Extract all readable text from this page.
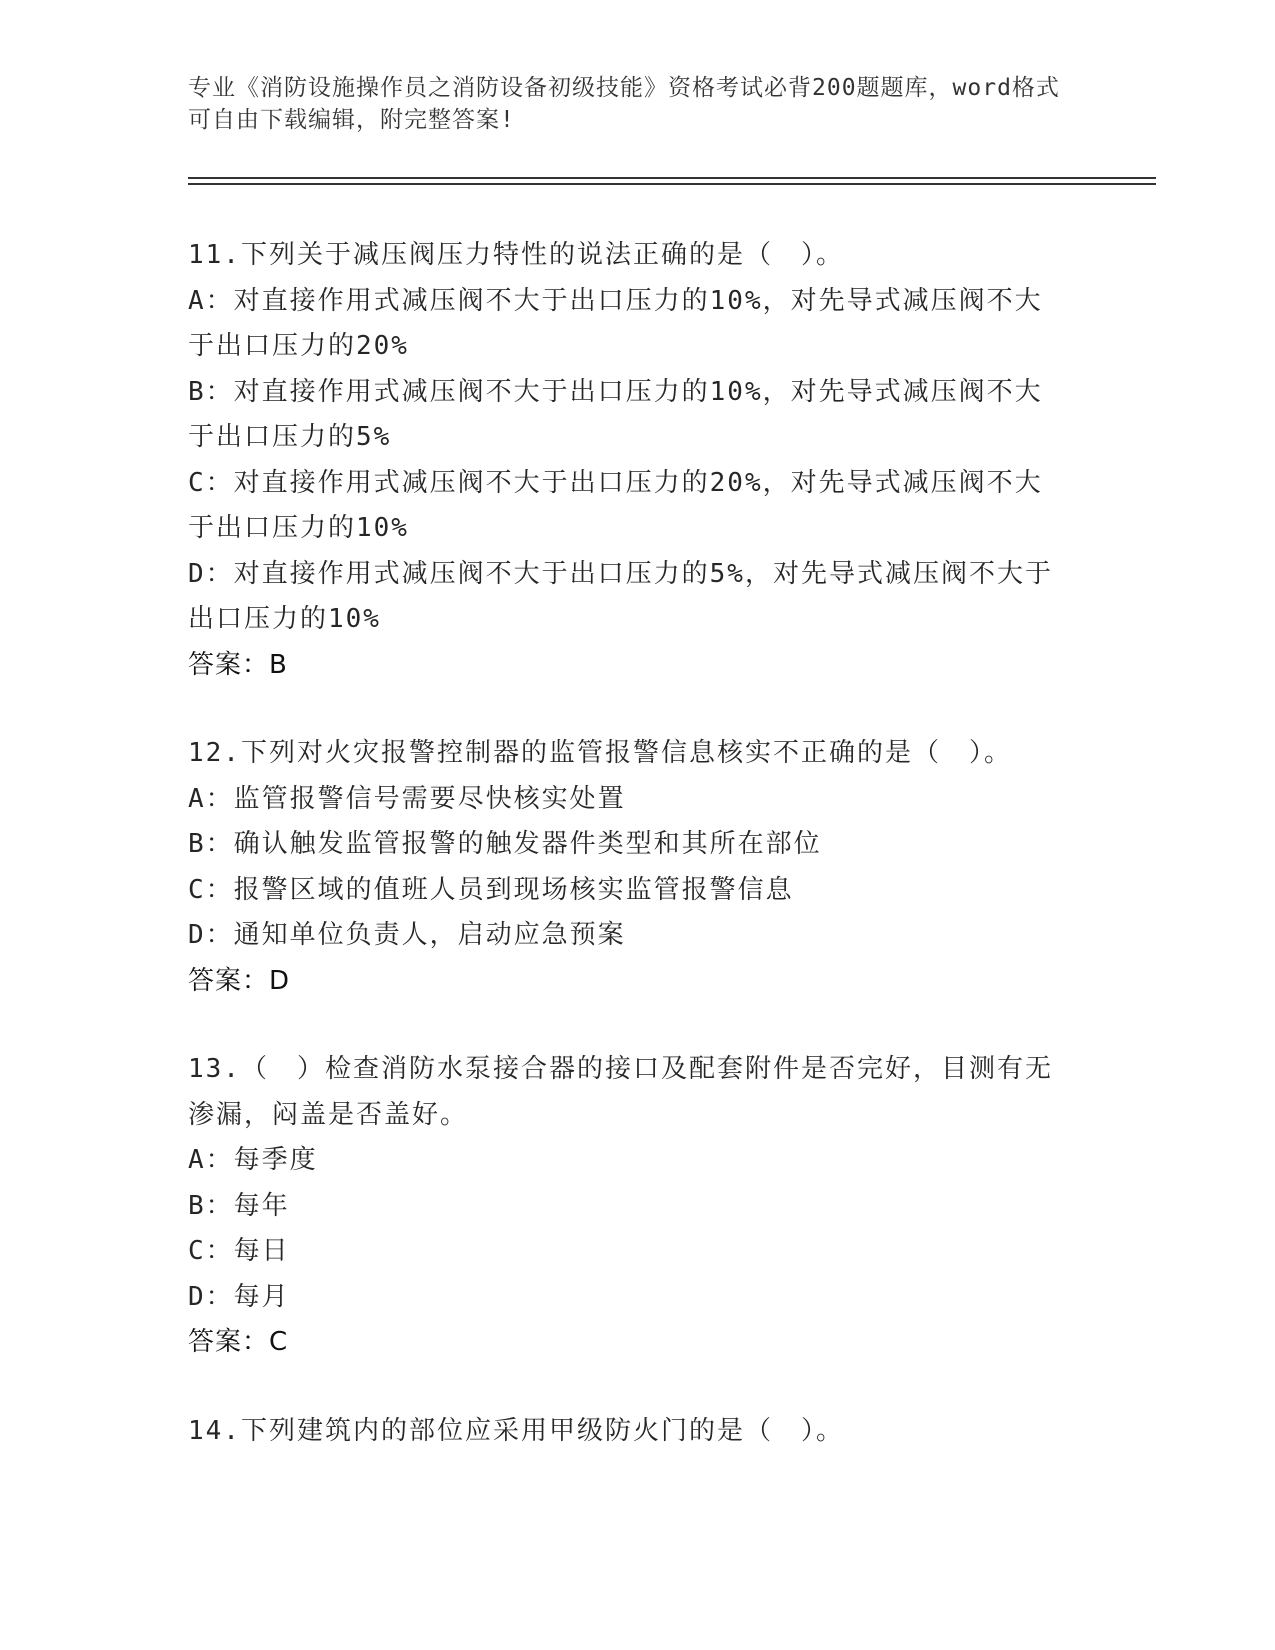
专业《消防设施操作员之消防设备初级技能》资格考试必背200题题库，word格式可自由下载编辑，附完整答案!
11.下列关于减压阀压力特性的说法正确的是（　）。
A：对直接作用式减压阀不大于出口压力的10%，对先导式减压阀不大
于出口压力的20%
B：对直接作用式减压阀不大于出口压力的10%，对先导式减压阀不大
于出口压力的5%
C：对直接作用式减压阀不大于出口压力的20%，对先导式减压阀不大
于出口压力的10%
D：对直接作用式减压阀不大于出口压力的5%，对先导式减压阀不大于
出口压力的10%
答案：B
12.下列对火灾报警控制器的监管报警信息核实不正确的是（　）。
A：监管报警信号需要尽快核实处置
B：确认触发监管报警的触发器件类型和其所在部位
C：报警区域的值班人员到现场核实监管报警信息
D：通知单位负责人，启动应急预案
答案：D
13.（　）检查消防水泵接合器的接口及配套附件是否完好，目测有无
渗漏，闷盖是否盖好。
A：每季度
B：每年
C：每日
D：每月
答案：C
14.下列建筑内的部位应采用甲级防火门的是（　）。
